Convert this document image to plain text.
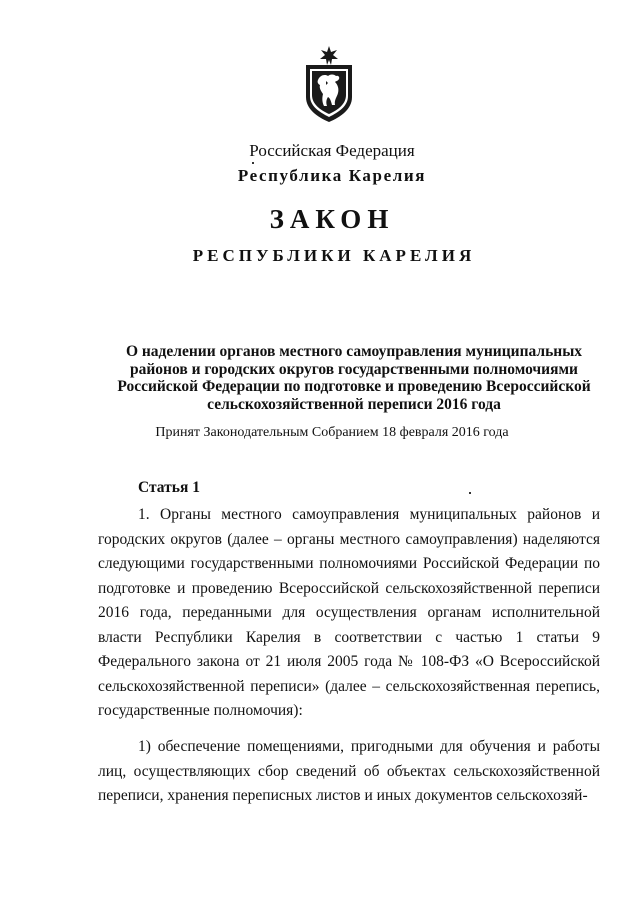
Российская Федерация
Республика Карелия
ЗАКОН
РЕСПУБЛИКИ КАРЕЛИЯ
О наделении органов местного самоуправления муниципальных районов и городских округов государственными полномочиями Российской Федерации по подготовке и проведению Всероссийской сельскохозяйственной переписи 2016 года
Принят Законодательным Собранием 18 февраля 2016 года
Статья 1

1. Органы местного самоуправления муниципальных районов и городских округов (далее – органы местного самоуправления) наделяются следующими государственными полномочиями Российской Федерации по подготовке и проведению Всероссийской сельскохозяйственной переписи 2016 года, переданными для осуществления органам исполнительной власти Республики Карелия в соответствии с частью 1 статьи 9 Федерального закона от 21 июля 2005 года № 108-ФЗ «О Всероссийской сельскохозяйственной переписи» (далее – сельскохозяйственная перепись, государственные полномочия):

1) обеспечение помещениями, пригодными для обучения и работы лиц, осуществляющих сбор сведений об объектах сельскохозяйственной переписи, хранения переписных листов и иных документов сельскохозяй-
